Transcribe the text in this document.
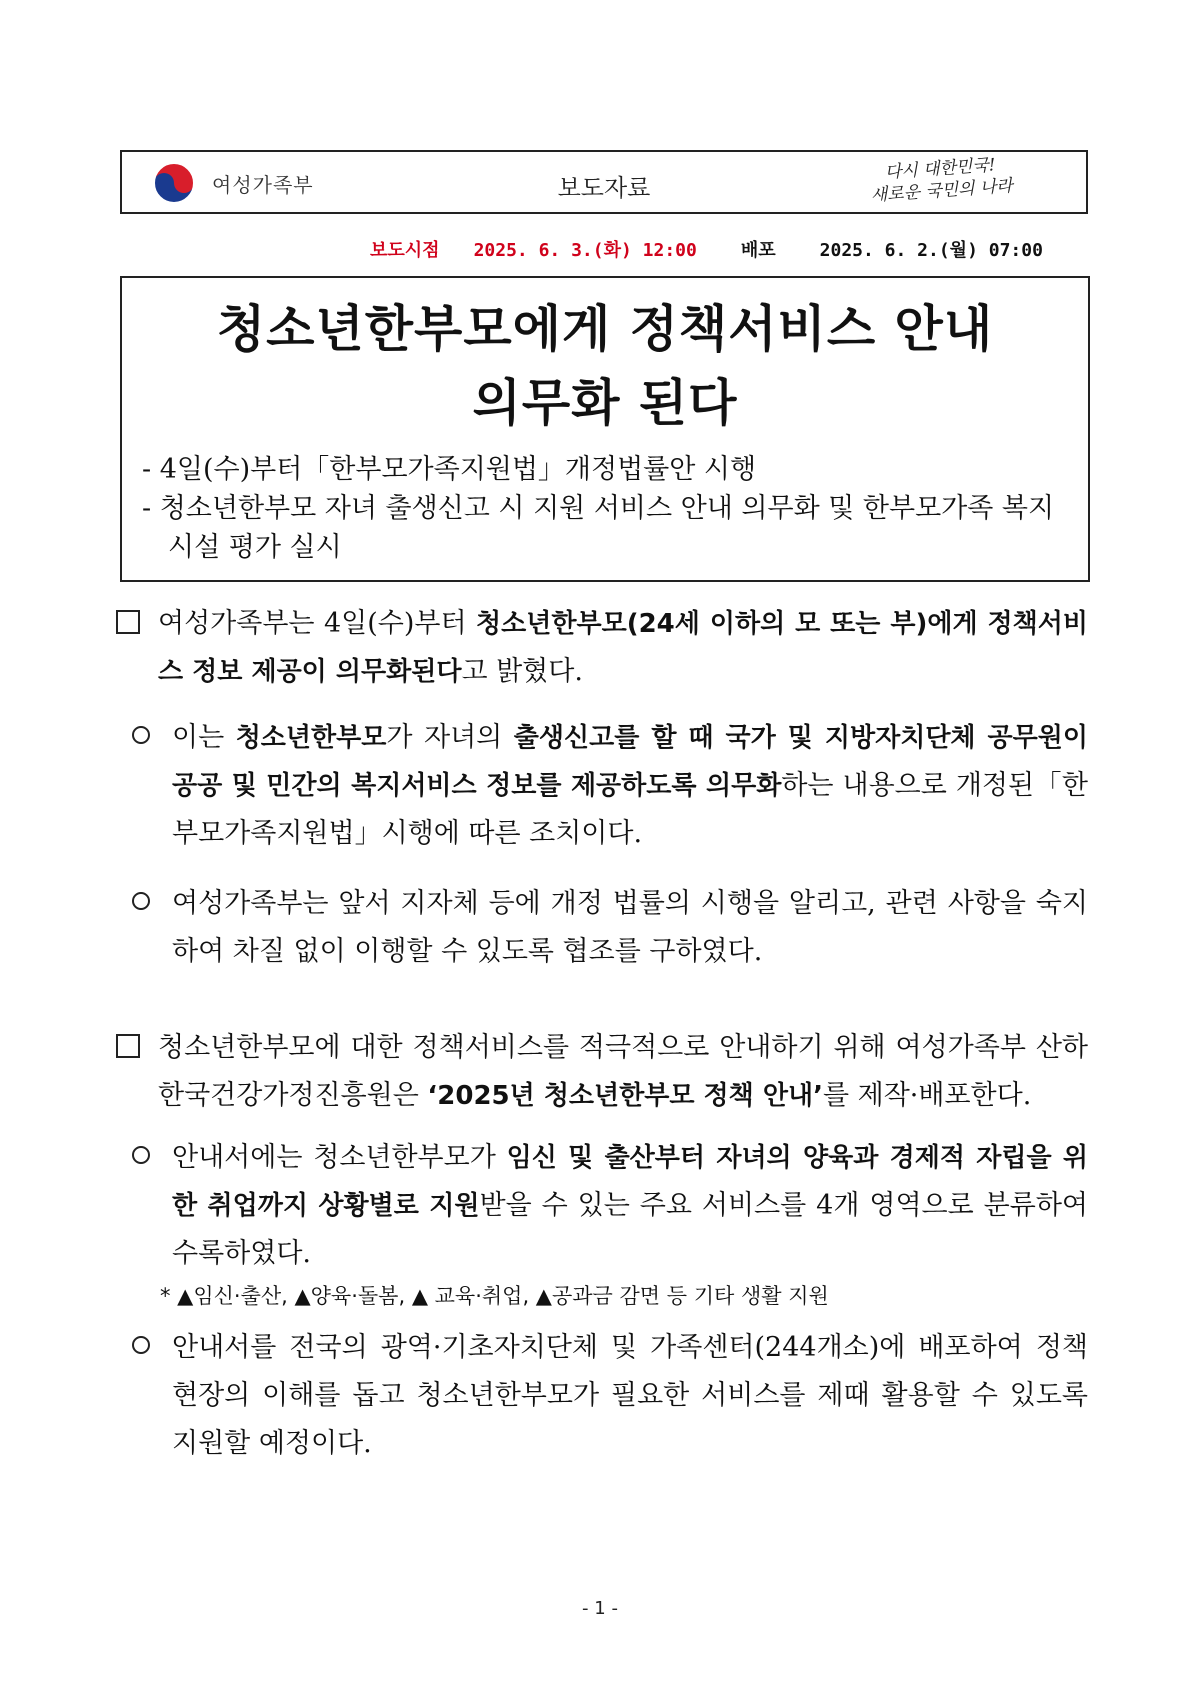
여성가족부	보도자료
다시 대한민국!
새로운 국민의 나라
보도시점 2025. 6. 3.(화) 12:00 배포 2025. 6. 2.(월) 07:00
청소년한부모에게 정책서비스 안내
의무화 된다
- 4일(수)부터「한부모가족지원법」개정법률안 시행
- 청소년한부모 자녀 출생신고 시 지원 서비스 안내 의무화 및 한부모가족 복지시설 평가 실시
여성가족부는 4일(수)부터 청소년한부모(24세 이하의 모 또는 부)에게 정책서비스 정보 제공이 의무화된다고 밝혔다.
이는 청소년한부모가 자녀의 출생신고를 할 때 국가 및 지방자치단체 공무원이 공공 및 민간의 복지서비스 정보를 제공하도록 의무화하는 내용으로 개정된「한부모가족지원법」시행에 따른 조치이다.
여성가족부는 앞서 지자체 등에 개정 법률의 시행을 알리고, 관련 사항을 숙지하여 차질 없이 이행할 수 있도록 협조를 구하였다.
청소년한부모에 대한 정책서비스를 적극적으로 안내하기 위해 여성가족부 산하 한국건강가정진흥원은 ‘2025년 청소년한부모 정책 안내’를 제작·배포한다.
안내서에는 청소년한부모가 임신 및 출산부터 자녀의 양육과 경제적 자립을 위한 취업까지 상황별로 지원받을 수 있는 주요 서비스를 4개 영역으로 분류하여 수록하였다.
* ▲임신·출산, ▲양육·돌봄, ▲ 교육·취업, ▲공과금 감면 등 기타 생활 지원
안내서를 전국의 광역·기초자치단체 및 가족센터(244개소)에 배포하여 정책 현장의 이해를 돕고 청소년한부모가 필요한 서비스를 제때 활용할 수 있도록 지원할 예정이다.
- 1 -
